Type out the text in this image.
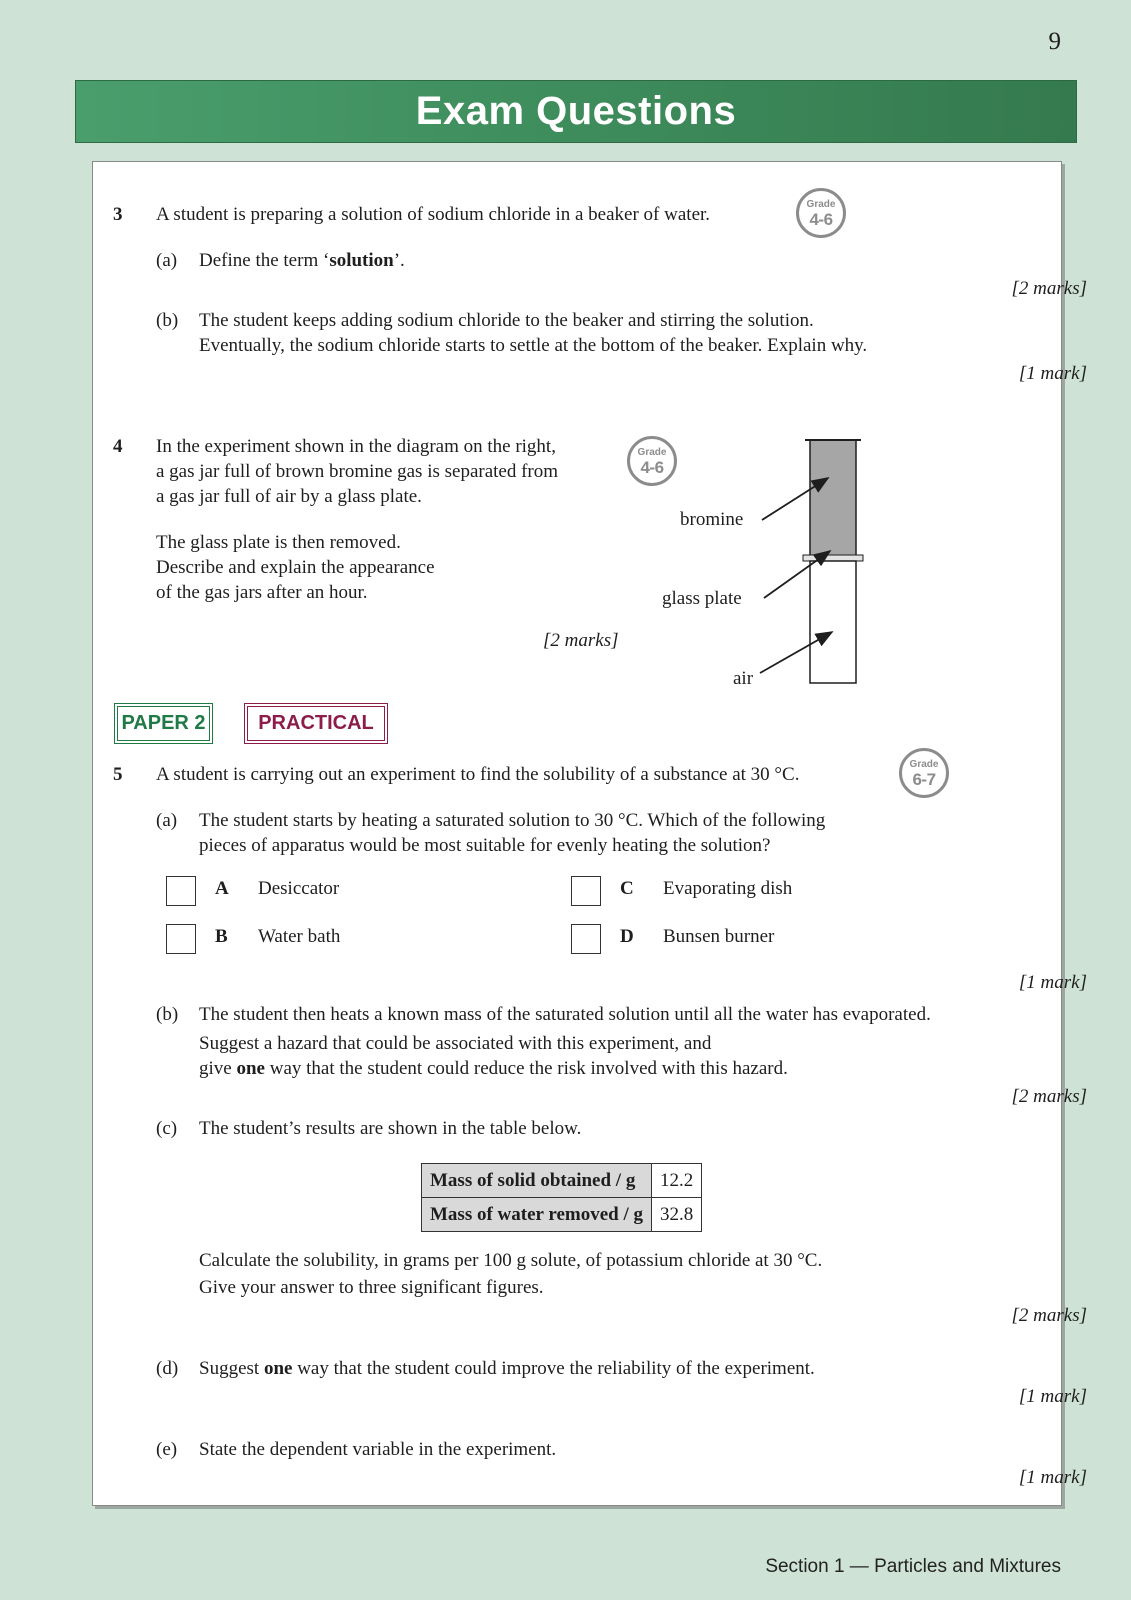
9
Exam Questions
3 A student is preparing a solution of sodium chloride in a beaker of water.	Grade
4-6
(a) Define the term ‘solution’.
[2 marks]
(b) The student keeps adding sodium chloride to the beaker and stirring the solution.
Eventually, the sodium chloride starts to settle at the bottom of the beaker. Explain why.
[1 mark]
4 In the experiment shown in the diagram on the right,
a gas jar full of brown bromine gas is separated from
a gas jar full of air by a glass plate.
Grade
4-6
The glass plate is then removed.
Describe and explain the appearance
of the gas jars after an hour.
[2 marks]
bromine
glass plate
air
PAPER 2	PRACTICAL
5 A student is carrying out an experiment to find the solubility of a substance at 30 °C.	Grade
6-7
(a) The student starts by heating a saturated solution to 30 °C. Which of the following
pieces of apparatus would be most suitable for evenly heating the solution?
A Desiccator
B Water bath
C Evaporating dish
D Bunsen burner
[1 mark]
(b) The student then heats a known mass of the saturated solution until all the water has evaporated.
Suggest a hazard that could be associated with this experiment, and
give one way that the student could reduce the risk involved with this hazard.
[2 marks]
(c) The student’s results are shown in the table below.
Mass of solid obtained / g	12.2
Mass of water removed / g	32.8
Calculate the solubility, in grams per 100 g solute, of potassium chloride at 30 °C.
Give your answer to three significant figures.
[2 marks]
(d) Suggest one way that the student could improve the reliability of the experiment.
[1 mark]
(e) State the dependent variable in the experiment.
[1 mark]
Section 1 — Particles and Mixtures
